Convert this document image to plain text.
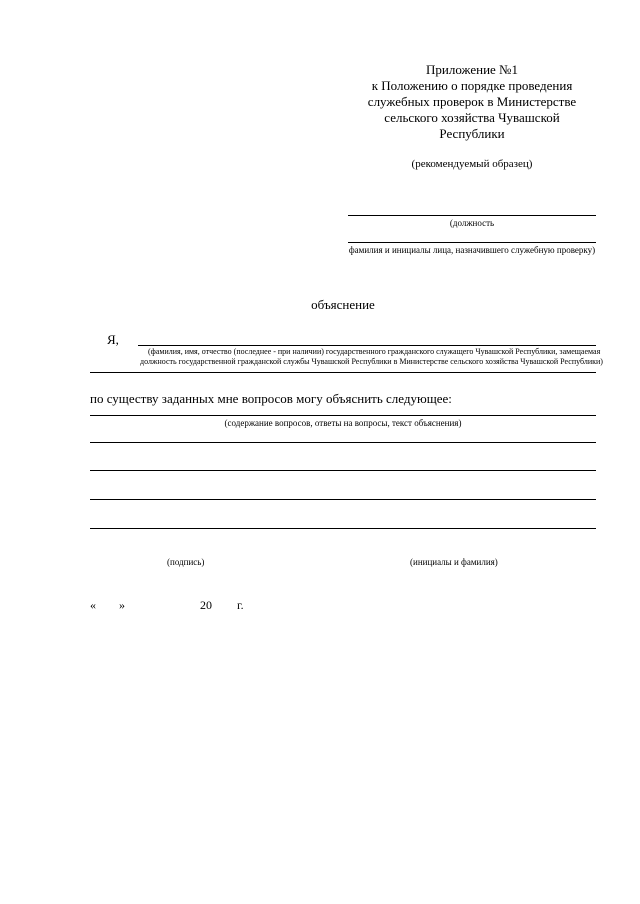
Приложение №1
к Положению о порядке проведения
служебных проверок в Министерстве
сельского хозяйства Чувашской
Республики
(рекомендуемый образец)
(должность
фамилия и инициалы лица, назначившего служебную проверку)
объяснение
Я,
(фамилия, имя, отчество (последнее - при наличии) государственного гражданского служащего Чувашской Республики, замещаемая
должность государственной гражданской службы Чувашской Республики в Министерстве сельского хозяйства Чувашской Республики)
по существу заданных мне вопросов могу объяснить следующее:
(содержание вопросов, ответы на вопросы, текст объяснения)
(подпись)	(инициалы и фамилия)
« »	20 г.
